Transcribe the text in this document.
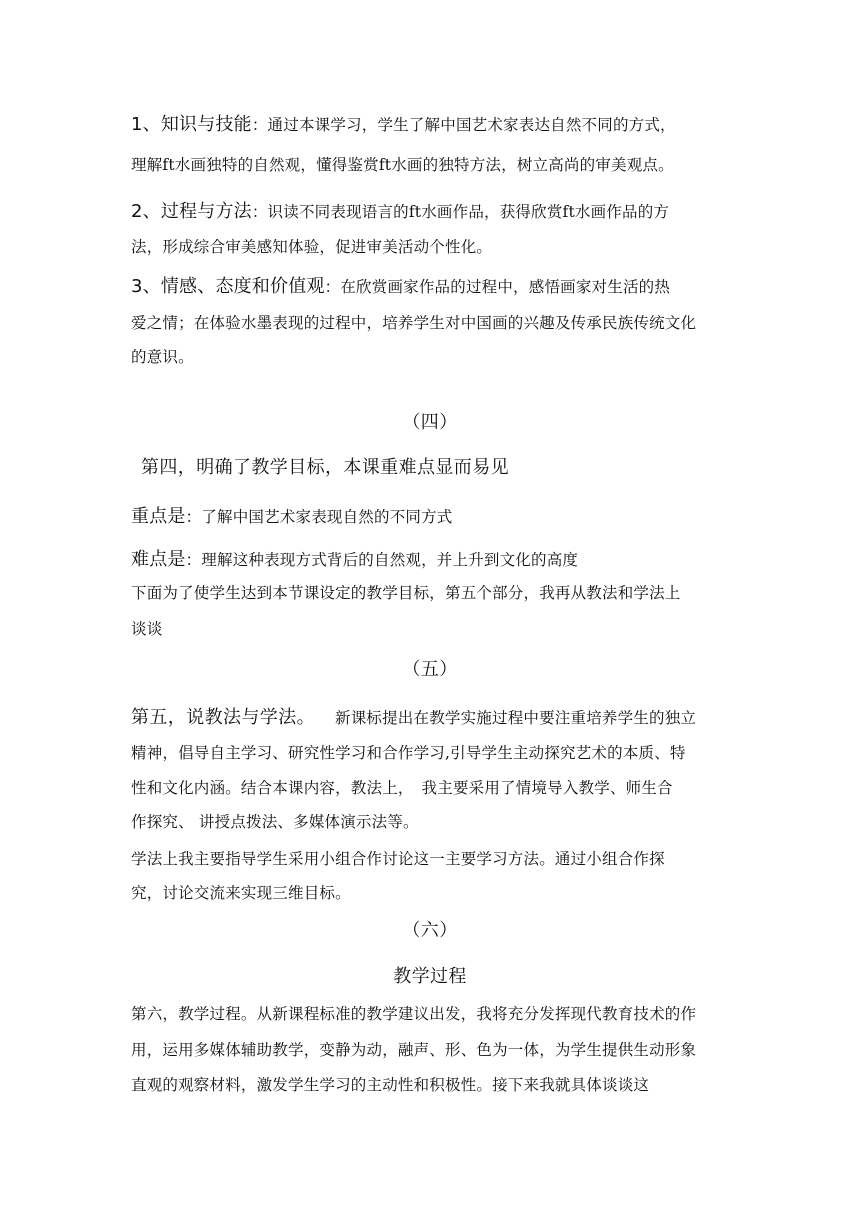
1、知识与技能：通过本课学习，学生了解中国艺术家表达自然不同的方式，
理解ft水画独特的自然观，懂得鉴赏ft水画的独特方法，树立高尚的审美观点。
2、过程与方法：识读不同表现语言的ft水画作品，获得欣赏ft水画作品的方
法，形成综合审美感知体验，促进审美活动个性化。
3、情感、态度和价值观：在欣赏画家作品的过程中，感悟画家对生活的热
爱之情；在体验水墨表现的过程中，培养学生对中国画的兴趣及传承民族传统文化
的意识。
（四）
第四，明确了教学目标，本课重难点显而易见
重点是：了解中国艺术家表现自然的不同方式
难点是：理解这种表现方式背后的自然观，并上升到文化的高度
下面为了使学生达到本节课设定的教学目标，第五个部分，我再从教法和学法上
谈谈
（五）
第五，说教法与学法。 新课标提出在教学实施过程中要注重培养学生的独立
精神，倡导自主学习、研究性学习和合作学习,引导学生主动探究艺术的本质、特
性和文化内涵。结合本课内容，教法上，　我主要采用了情境导入教学、师生合
作探究、 讲授点拨法、多媒体演示法等。
学法上我主要指导学生采用小组合作讨论这一主要学习方法。通过小组合作探
究，讨论交流来实现三维目标。
（六）
教学过程
第六，教学过程。从新课程标准的教学建议出发，我将充分发挥现代教育技术的作
用，运用多媒体辅助教学，变静为动，融声、形、色为一体，为学生提供生动形象
直观的观察材料，激发学生学习的主动性和积极性。接下来我就具体谈谈这
